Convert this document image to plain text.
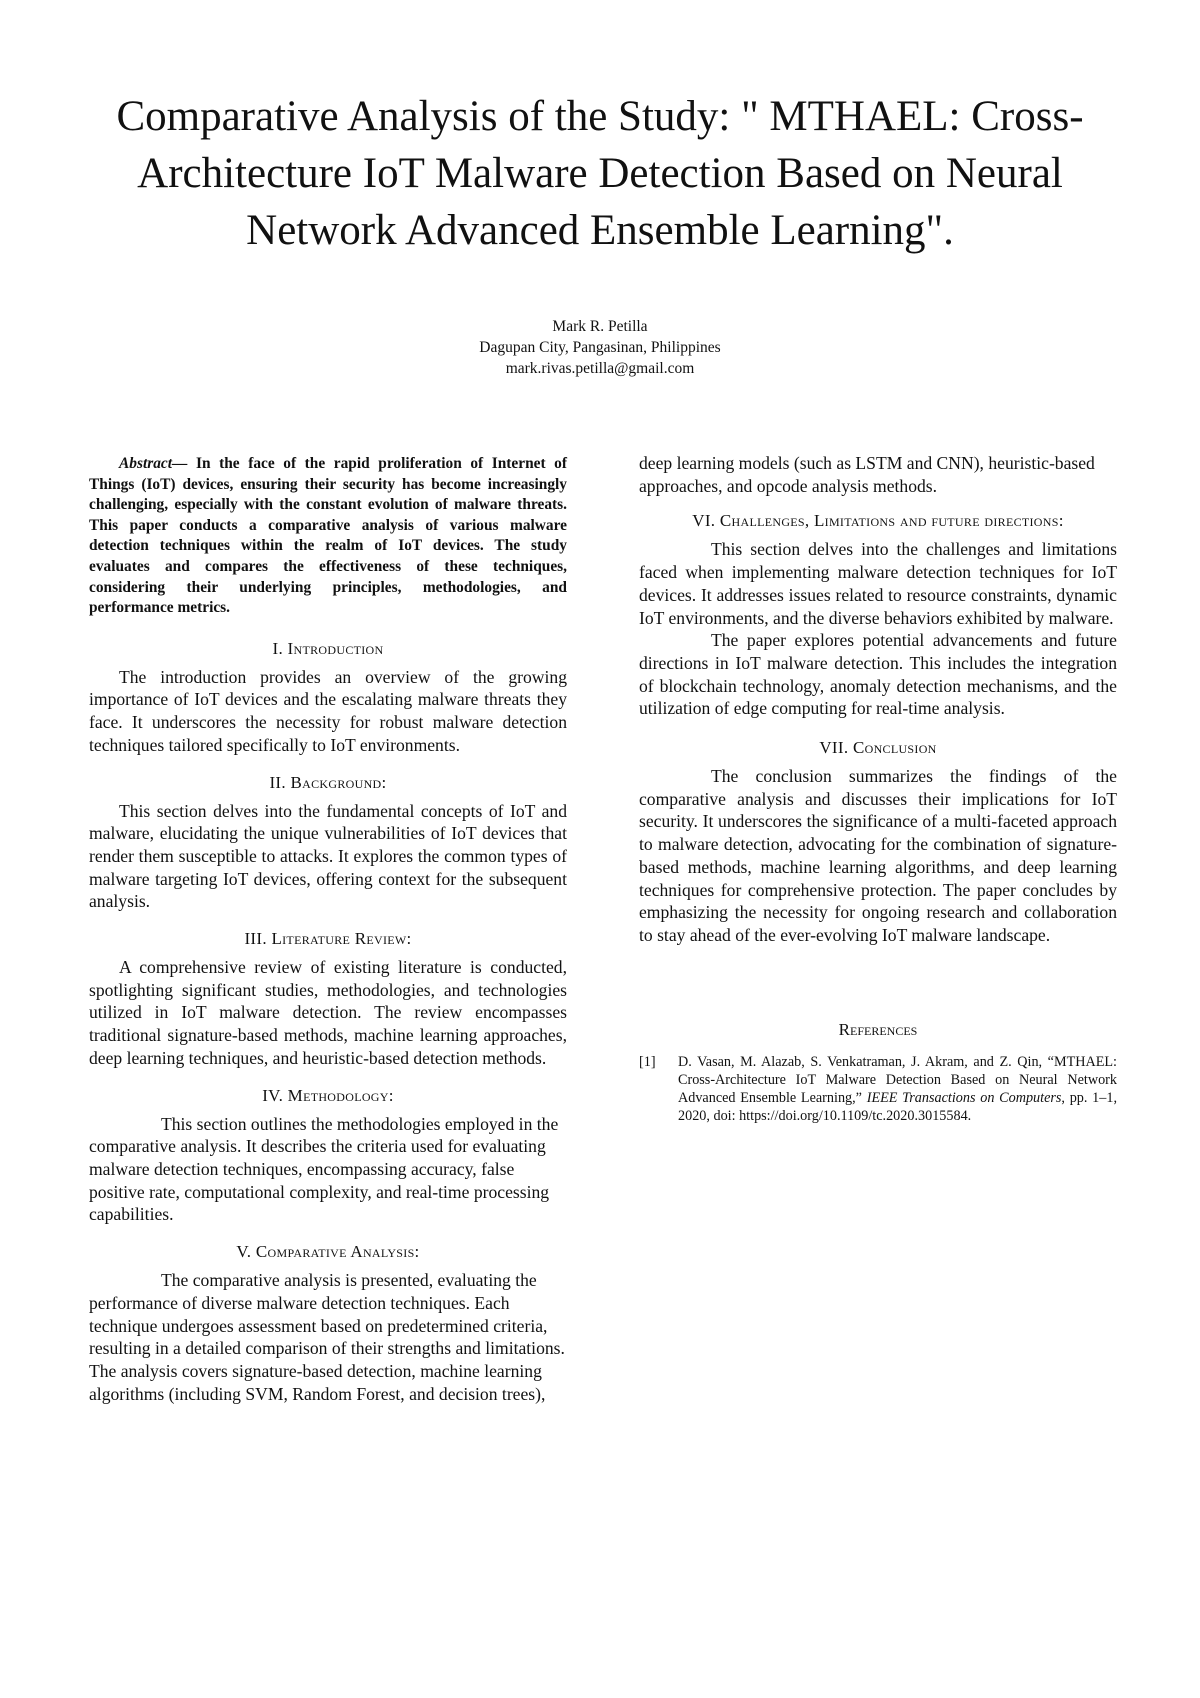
Comparative Analysis of the Study: " MTHAEL: Cross-Architecture IoT Malware Detection Based on Neural Network Advanced Ensemble Learning".
Mark R. Petilla
Dagupan City, Pangasinan, Philippines
mark.rivas.petilla@gmail.com

Abstract— In the face of the rapid proliferation of Internet of Things (IoT) devices, ensuring their security has become increasingly challenging, especially with the constant evolution of malware threats. This paper conducts a comparative analysis of various malware detection techniques within the realm of IoT devices. The study evaluates and compares the effectiveness of these techniques, considering their underlying principles, methodologies, and performance metrics.

I. Introduction

The introduction provides an overview of the growing importance of IoT devices and the escalating malware threats they face. It underscores the necessity for robust malware detection techniques tailored specifically to IoT environments.

II. Background:

This section delves into the fundamental concepts of IoT and malware, elucidating the unique vulnerabilities of IoT devices that render them susceptible to attacks. It explores the common types of malware targeting IoT devices, offering context for the subsequent analysis.

III. Literature Review:

A comprehensive review of existing literature is conducted, spotlighting significant studies, methodologies, and technologies utilized in IoT malware detection. The review encompasses traditional signature-based methods, machine learning approaches, deep learning techniques, and heuristic-based detection methods.

IV. Methodology:

This section outlines the methodologies employed in the comparative analysis. It describes the criteria used for evaluating malware detection techniques, encompassing accuracy, false positive rate, computational complexity, and real-time processing capabilities.

V. Comparative Analysis:

The comparative analysis is presented, evaluating the performance of diverse malware detection techniques. Each technique undergoes assessment based on predetermined criteria, resulting in a detailed comparison of their strengths and limitations. The analysis covers signature-based detection, machine learning algorithms (including SVM, Random Forest, and decision trees),

deep learning models (such as LSTM and CNN), heuristic-based approaches, and opcode analysis methods.

VI. Challenges, Limitations and future directions:

This section delves into the challenges and limitations faced when implementing malware detection techniques for IoT devices. It addresses issues related to resource constraints, dynamic IoT environments, and the diverse behaviors exhibited by malware.

The paper explores potential advancements and future directions in IoT malware detection. This includes the integration of blockchain technology, anomaly detection mechanisms, and the utilization of edge computing for real-time analysis.

VII. Conclusion

The conclusion summarizes the findings of the comparative analysis and discusses their implications for IoT security. It underscores the significance of a multi-faceted approach to malware detection, advocating for the combination of signature-based methods, machine learning algorithms, and deep learning techniques for comprehensive protection. The paper concludes by emphasizing the necessity for ongoing research and collaboration to stay ahead of the ever-evolving IoT malware landscape.

References
[1]	D. Vasan, M. Alazab, S. Venkatraman, J. Akram, and Z. Qin, “MTHAEL: Cross-Architecture IoT Malware Detection Based on Neural Network Advanced Ensemble Learning,” IEEE Transactions on Computers, pp. 1–1, 2020, doi: https://doi.org/10.1109/tc.2020.3015584.
